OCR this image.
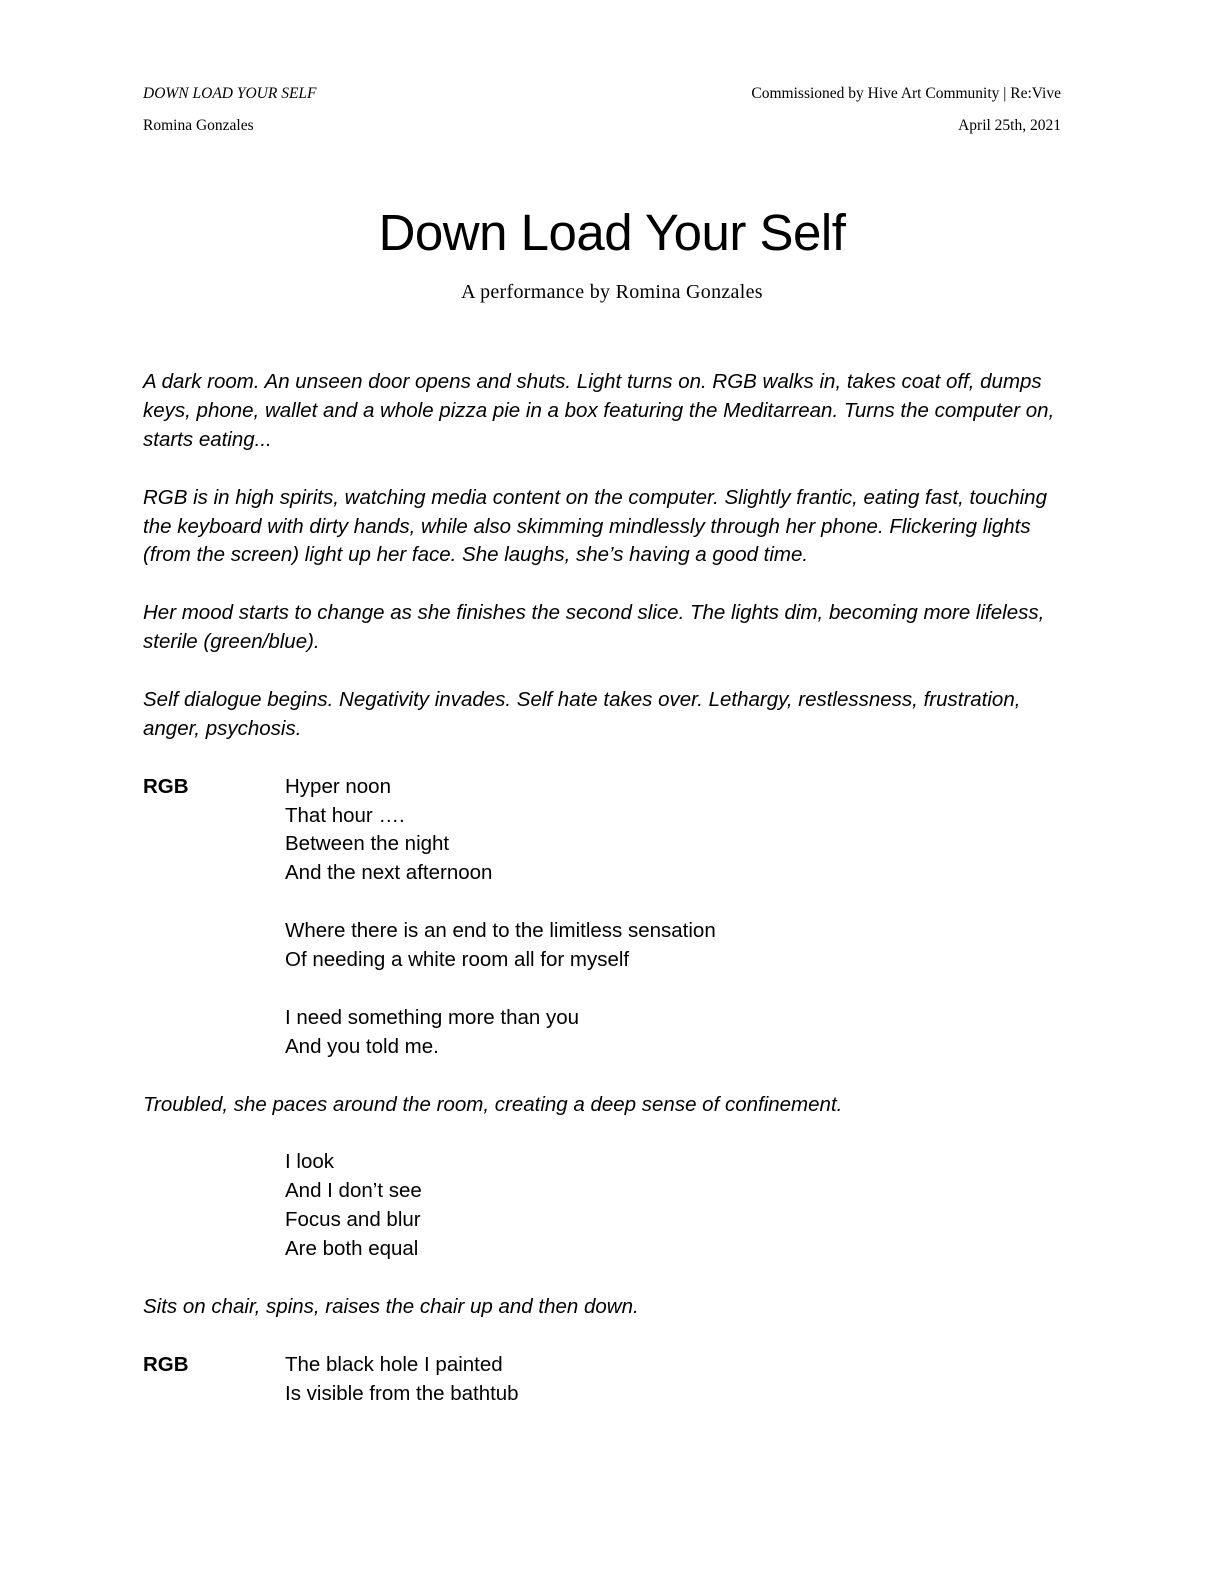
DOWN LOAD YOUR SELF	Commissioned by Hive Art Community | Re:Vive
Romina Gonzales	April 25th, 2021
Down Load Your Self
A performance by Romina Gonzales

A dark room. An unseen door opens and shuts. Light turns on. RGB walks in, takes coat off, dumps keys, phone, wallet and a whole pizza pie in a box featuring the Meditarrean. Turns the computer on, starts eating...

RGB is in high spirits, watching media content on the computer. Slightly frantic, eating fast, touching the keyboard with dirty hands, while also skimming mindlessly through her phone. Flickering lights (from the screen) light up her face. She laughs, she’s having a good time.

Her mood starts to change as she finishes the second slice. The lights dim, becoming more lifeless, sterile (green/blue).

Self dialogue begins. Negativity invades. Self hate takes over. Lethargy, restlessness, frustration, anger, psychosis.

RGB	Hyper noon
That hour ….
Between the night
And the next afternoon
Where there is an end to the limitless sensation
Of needing a white room all for myself
I need something more than you
And you told me.

Troubled, she paces around the room, creating a deep sense of confinement.

I look
And I don’t see
Focus and blur
Are both equal

Sits on chair, spins, raises the chair up and then down.

RGB	The black hole I painted
Is visible from the bathtub
